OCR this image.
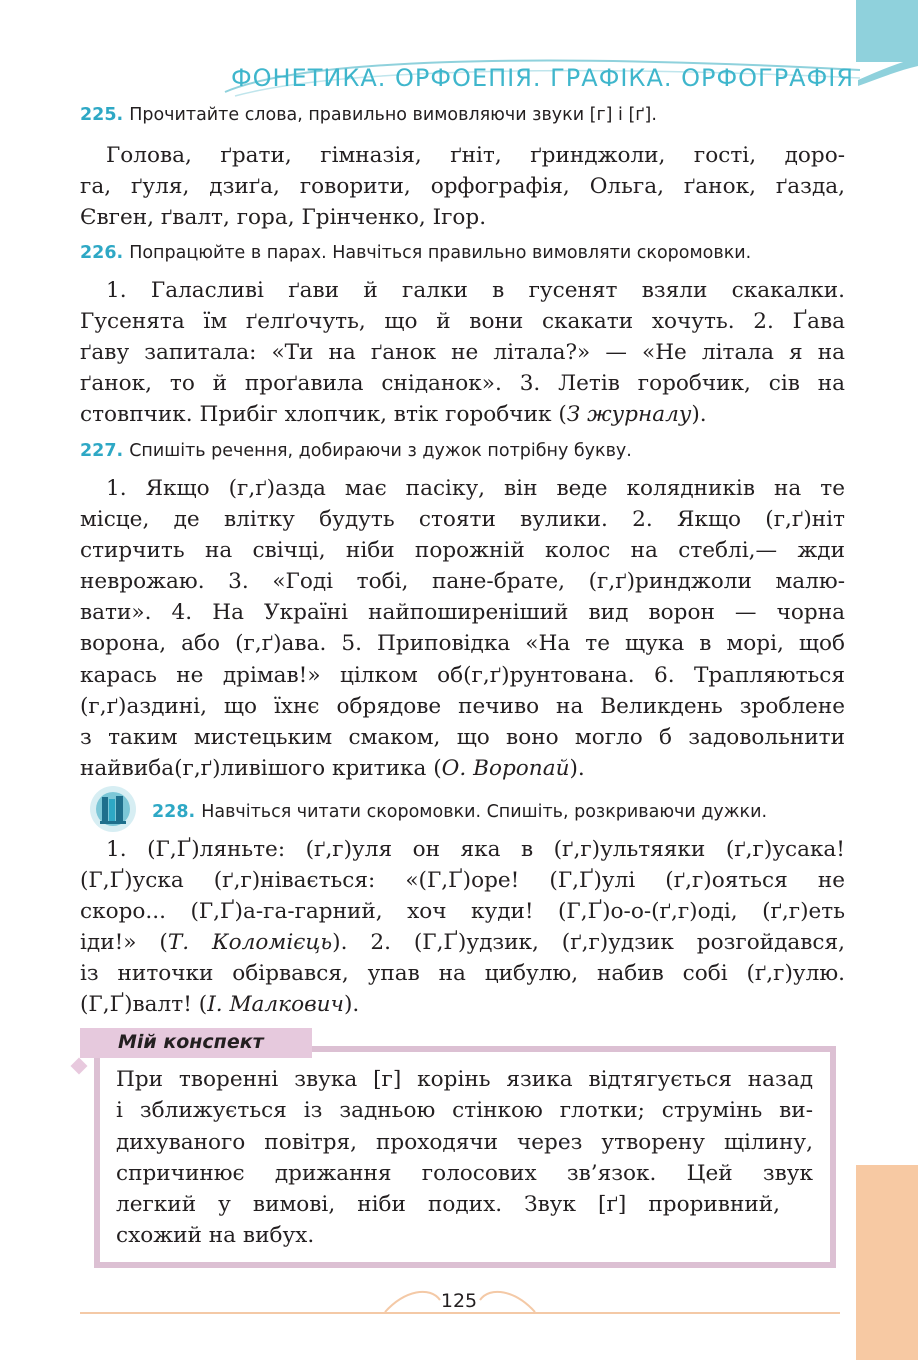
ФОНЕТИКА. ОРФОЕПІЯ. ГРАФІКА. ОРФОГРАФІЯ
225. Прочитайте слова, правильно вимовляючи звуки [г] і [ґ].
Голова, ґрати, гімназія, ґніт, ґринджоли, гості, доро-
га, ґуля, дзиґа, говорити, орфографія, Ольга, ґанок, ґазда,
Євген, ґвалт, гора, Грінченко, Ігор.
226. Попрацюйте в парах. Навчіться правильно вимовляти скоромовки.
1. Галасливі ґави й галки в гусенят взяли скакалки.
Гусенята їм ґелґочуть, що й вони скакати хочуть. 2. Ґава
ґаву запитала: «Ти на ґанок не літала?» — «Не літала я на
ґанок, то й проґавила сніданок». 3. Летів горобчик, сів на
стовпчик. Прибіг хлопчик, втік горобчик (З журналу).
227. Спишіть речення, добираючи з дужок потрібну букву.
1. Якщо (г,ґ)азда має пасіку, він веде колядників на те
місце, де влітку будуть стояти вулики. 2. Якщо (г,ґ)ніт
стирчить на свічці, ніби порожній колос на стеблі,— жди
неврожаю. 3. «Годі тобі, пане-брате, (г,ґ)ринджоли малю-
вати». 4. На Україні найпоширеніший вид ворон — чорна
ворона, або (г,ґ)ава. 5. Приповідка «На те щука в морі, щоб
карась не дрімав!» цілком об(г,ґ)рунтована. 6. Трапляються
(г,ґ)аздині, що їхнє обрядове печиво на Великдень зроблене
з таким мистецьким смаком, що воно могло б задовольнити
найвиба(г,ґ)ливішого критика (О. Воропай).
228. Навчіться читати скоромовки. Спишіть, розкриваючи дужки.
1. (Г,Ґ)ляньте: (ґ,г)уля он яка в (ґ,г)ультяяки (ґ,г)усака!
(Г,Ґ)уска (ґ,г)нівається: «(Г,Ґ)оре! (Г,Ґ)улі (ґ,г)ояться не
скоро... (Г,Ґ)а-га-гарний, хоч куди! (Г,Ґ)о-о-(ґ,г)оді, (ґ,г)еть
іди!» (Т. Коломієць). 2. (Г,Ґ)удзик, (ґ,г)удзик розгойдався,
із ниточки обірвався, упав на цибулю, набив собі (ґ,г)улю.
(Г,Ґ)валт! (І. Малкович).
Мій конспект
При творенні звука [г] корінь язика відтягується назад
і зближується із задньою стінкою глотки; струмінь ви-
дихуваного повітря, проходячи через утворену щілину,
спричинює дрижання голосових зв’язок. Цей звук
легкий у вимові, ніби подих. Звук [ґ] проривний,
схожий на вибух.
125
